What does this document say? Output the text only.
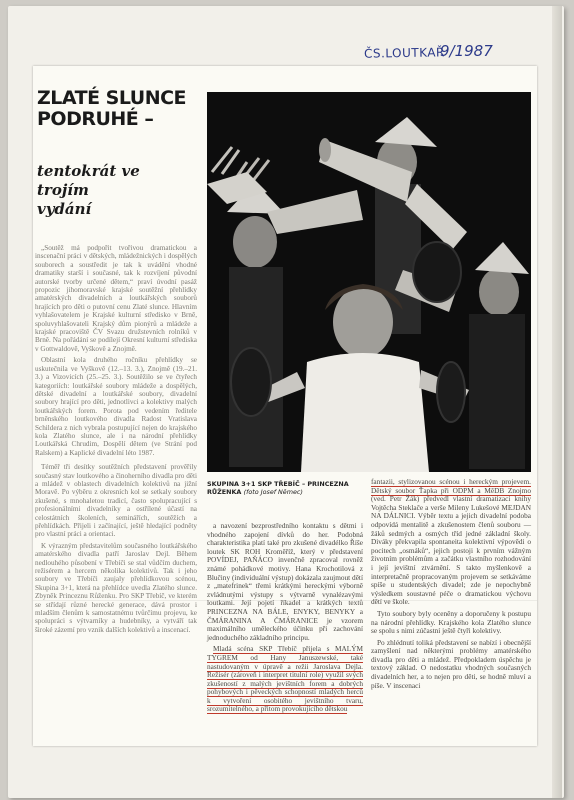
ČS.LOUTKAŘ
9/1987
ZLATÉ SLUNCE
PODRUHÉ –
tentokrát ve trojím vydání

„Soutěž má podpořit tvořivou dramatickou a inscenační práci v dětských, mládežnických i dospělých souborech a soustředit je tak k uvádění vhodné dramatiky starší i současné, tak k rozvíjení původní autorské tvorby určené dětem,“ praví úvodní pasáž propozic jihomoravské krajské soutěžní přehlídky amatérských divadelních a loutkářských souborů hrajících pro děti o putovní cenu Zlaté slunce. Hlavním vyhlašovatelem je Krajské kulturní středisko v Brně, spoluvyhlašovateli Krajský dům pionýrů a mládeže a krajské pracoviště ČV Svazu družstevních rolníků v Brně. Na pořádání se podílejí Okresní kulturní střediska v Gottwaldově, Vyškově a Znojmě.

Oblastní kola druhého ročníku přehlídky se uskutečnila ve Vyškově (12.–13. 3.), Znojmě (19.–21. 3.) a Vizovicích (25.–25. 3.). Soutěžilo se ve čtyřech kategoriích: loutkářské soubory mládeže a dospělých, dětské divadelní a loutkářské soubory, divadelní soubory hrající pro děti, jednotlivci a kolektivy malých loutkářských forem. Porota pod vedením ředitele brněnského loutkového divadla Radost Vratislava Schildera z nich vybrala postupující nejen do krajského kola Zlatého slunce, ale i na národní přehlídky Loutkářská Chrudim, Dospělí dětem (ve Strání pod Ralskem) a Kaplické divadelní léto 1987.

Téměř tři desítky soutěžních představení prověřily současný stav loutkového a činoherního divadla pro děti a mládež v oblastech divadelních kolektivů na jižní Moravě. Po výběru z okresních kol se setkaly soubory zkušené, s mnohaletou tradicí, často spolupracující s profesionálními divadelníky a ostřílené účastí na celostátních školeních, seminářích, soutěžích a přehlídkách. Přijeli i začínající, ještě hledající podněty pro vlastní práci a orientaci.

K výrazným představitelům současného loutkářského amatérského divadla patří Jaroslav Dejl. Během nedlouhého působení v Třebíči se stal vůdčím duchem, režisérem a hercem několika kolektivů. Tak i jeho soubory ve Třebíči zaujaly přehlídkovou scénou, Skupina 3+1, která na přehlídce uvedla Zlatého slunce. Zbyněk Princeznu Růženku. Pro SKP Třebíč, ve kterém se střídají různé herecké generace, dává prostor i mladším členům k samostatnému tvůrčímu projevu, ke spolupráci s výtvarníky a hudebníky, a vytváří tak široké zázemí pro vznik dalších kolektivů a inscenací.

SKUPINA 3+1 SKP TŘEBÍČ – PRINCEZNA RŮŽENKA (foto Josef Němec)

a navození bezprostředního kontaktu s dětmi i vhodného zapojení dívků do her. Podobná charakteristika platí také pro zkušené divadélko Říše loutek SK ROH Kroměříž, který v představení POVÍDEJ, PAŇÁCO invenčně zpracoval rovněž známé pohádkové motivy. Hana Krochotilová z Blučiny (individuální výstup) dokázala zaujmout dětí z „matefrinek“ třemi krátkými hereckými výborně zvládnutými výstupy s výtvarně vynalézavými loutkami. Její pojetí říkadel a krátkých textů PRINCEZNA NA BÁLE, ENYKY, BENYKY a ČMÁRANINA A ČMÁRANICE je vzorem maximálního uměleckého účinku při zachování jednoduchého základního principu.

Mladá scéna SKP Třebíč přijela s MALÝM TYGREM od Hany Januszewské, také nastudovaným v úpravě a režii Jaroslava Dejla. Režisér (zároveň i interpret titulní role) využil svých zkušeností z malých jevištních forem a dobrých pohybových i pěveckých schopností mladých herců k vytvoření osobitého jevištního tvaru, srozumitelného, a přitom provokujícího dětskou

fantazii, stylizovanou scénou i hereckým projevem. Dětský soubor Ťapka při ODPM a MěDB Znojmo (ved. Petr Žák) předvedl vlastní dramatizaci knihy Vojtěcha Steklače a verše Mileny Lukešové MEJDAN NA DÁLNICI. Výběr textu a jejich divadelní podoba odpovídá mentalitě a zkušenostem členů souboru — žáků sedmých a osmých tříd jedné základní školy. Diváky překvapila spontaneita kolektivní výpovědi o pocitech „osmáků“, jejich postoji k prvním vážným životním problémům a začátku vlastního rozhodování i její jevištní ztvárnění. S takto myšlenkově a interpretačně propracovaným projevem se setkáváme spíše u studentských divadel; zde je nepochybně výsledkem soustavné péče o dramatickou výchovu dětí ve škole.

Tyto soubory byly oceněny a doporučeny k postupu na národní přehlídky. Krajského kola Zlatého slunce se spolu s nimi zúčastní ještě čtyři kolektivy.

Po zhlédnutí toliká představení se nabízí i obecnější zamyšlení nad některými problémy amatérského divadla pro děti a mládež. Předpokladem úspěchu je textový základ. O nedostatku vhodných současných divadelních her, a to nejen pro děti, se hodně mluví a píše. V inscenaci
